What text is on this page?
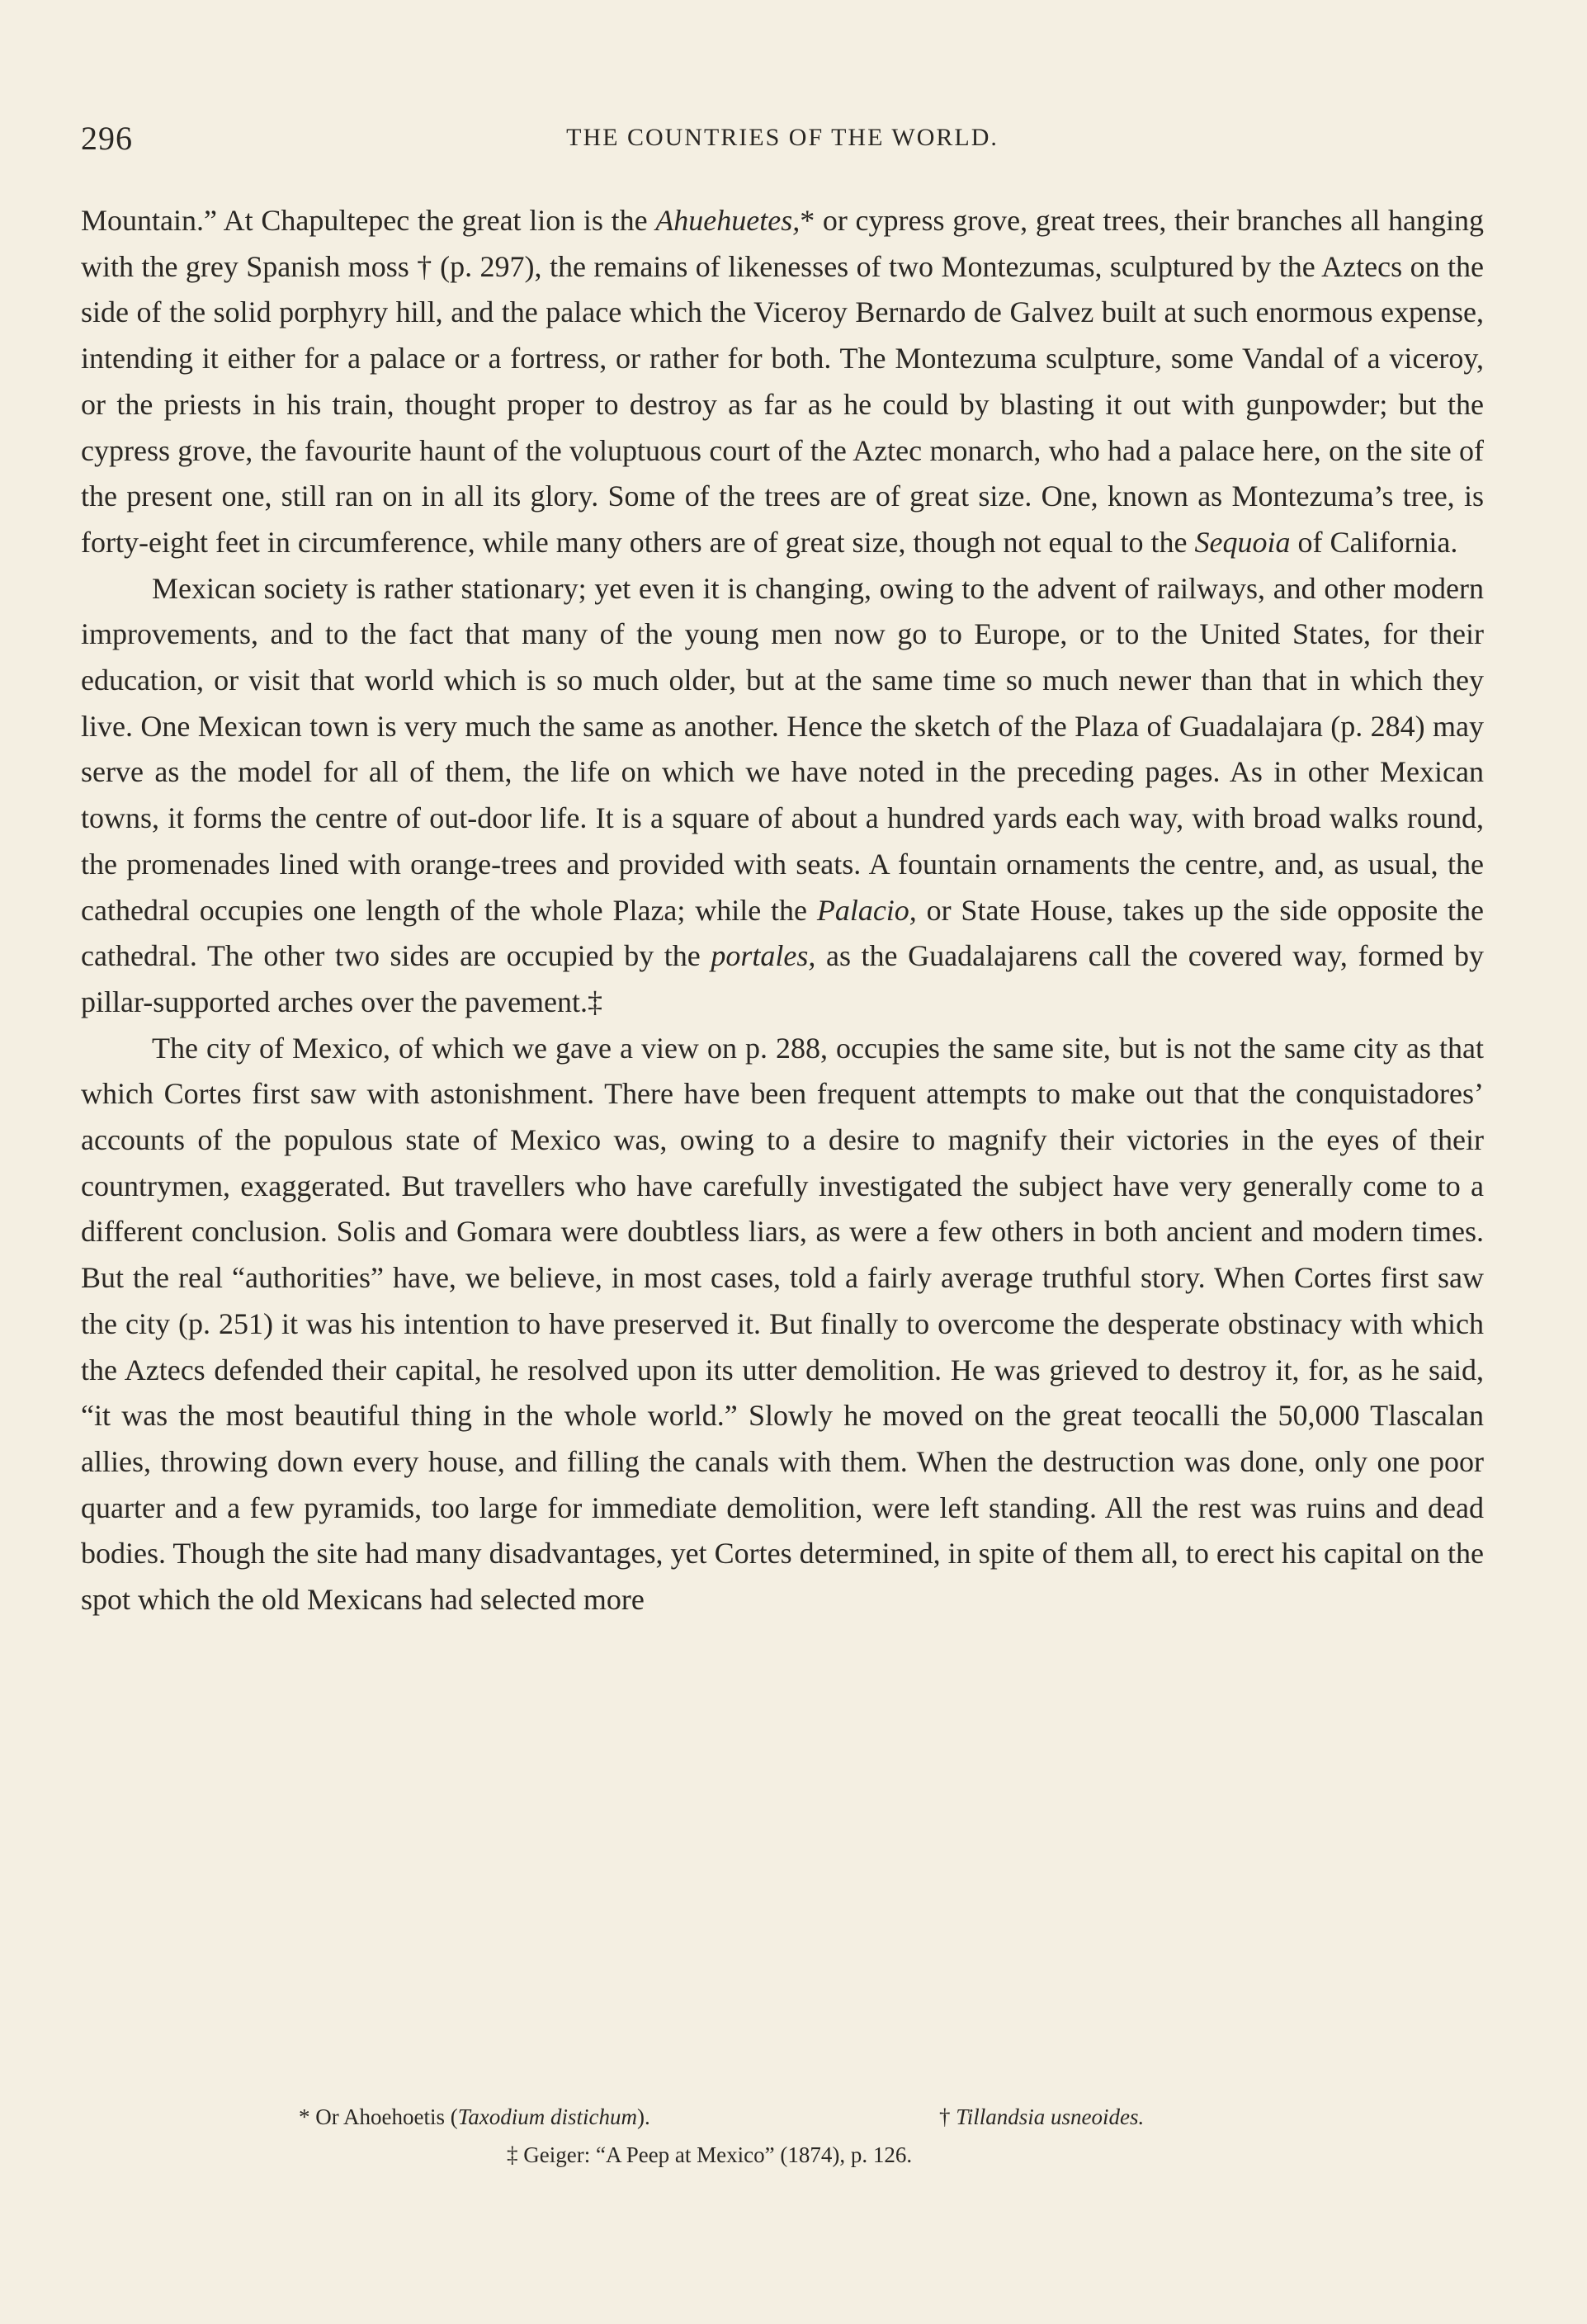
296	THE COUNTRIES OF THE WORLD.

Mountain.” At Chapultepec the great lion is the Ahuehuetes,* or cypress grove, great trees, their branches all hanging with the grey Spanish moss † (p. 297), the remains of likenesses of two Montezumas, sculptured by the Aztecs on the side of the solid porphyry hill, and the palace which the Viceroy Bernardo de Galvez built at such enormous expense, intending it either for a palace or a fortress, or rather for both. The Montezuma sculpture, some Vandal of a viceroy, or the priests in his train, thought proper to destroy as far as he could by blasting it out with gunpowder; but the cypress grove, the favourite haunt of the voluptuous court of the Aztec monarch, who had a palace here, on the site of the present one, still ran on in all its glory. Some of the trees are of great size. One, known as Montezuma’s tree, is forty-eight feet in circumference, while many others are of great size, though not equal to the Sequoia of California.

Mexican society is rather stationary; yet even it is changing, owing to the advent of railways, and other modern improvements, and to the fact that many of the young men now go to Europe, or to the United States, for their education, or visit that world which is so much older, but at the same time so much newer than that in which they live. One Mexican town is very much the same as another. Hence the sketch of the Plaza of Guadalajara (p. 284) may serve as the model for all of them, the life on which we have noted in the preceding pages. As in other Mexican towns, it forms the centre of out-door life. It is a square of about a hundred yards each way, with broad walks round, the promenades lined with orange-trees and provided with seats. A fountain ornaments the centre, and, as usual, the cathedral occupies one length of the whole Plaza; while the Palacio, or State House, takes up the side opposite the cathedral. The other two sides are occupied by the portales, as the Guadalajarens call the covered way, formed by pillar-supported arches over the pavement.‡

The city of Mexico, of which we gave a view on p. 288, occupies the same site, but is not the same city as that which Cortes first saw with astonishment. There have been frequent attempts to make out that the conquistadores’ accounts of the populous state of Mexico was, owing to a desire to magnify their victories in the eyes of their countrymen, exaggerated. But travellers who have carefully investigated the subject have very generally come to a different conclusion. Solis and Gomara were doubtless liars, as were a few others in both ancient and modern times. But the real “authorities” have, we believe, in most cases, told a fairly average truthful story. When Cortes first saw the city (p. 251) it was his intention to have preserved it. But finally to overcome the desperate obstinacy with which the Aztecs defended their capital, he resolved upon its utter demolition. He was grieved to destroy it, for, as he said, “it was the most beautiful thing in the whole world.” Slowly he moved on the great teocalli the 50,000 Tlascalan allies, throwing down every house, and filling the canals with them. When the destruction was done, only one poor quarter and a few pyramids, too large for immediate demolition, were left standing. All the rest was ruins and dead bodies. Though the site had many disadvantages, yet Cortes determined, in spite of them all, to erect his capital on the spot which the old Mexicans had selected more

* Or Ahoehoetis (Taxodium distichum).	† Tillandsia usneoides.
‡ Geiger: “A Peep at Mexico” (1874), p. 126.
